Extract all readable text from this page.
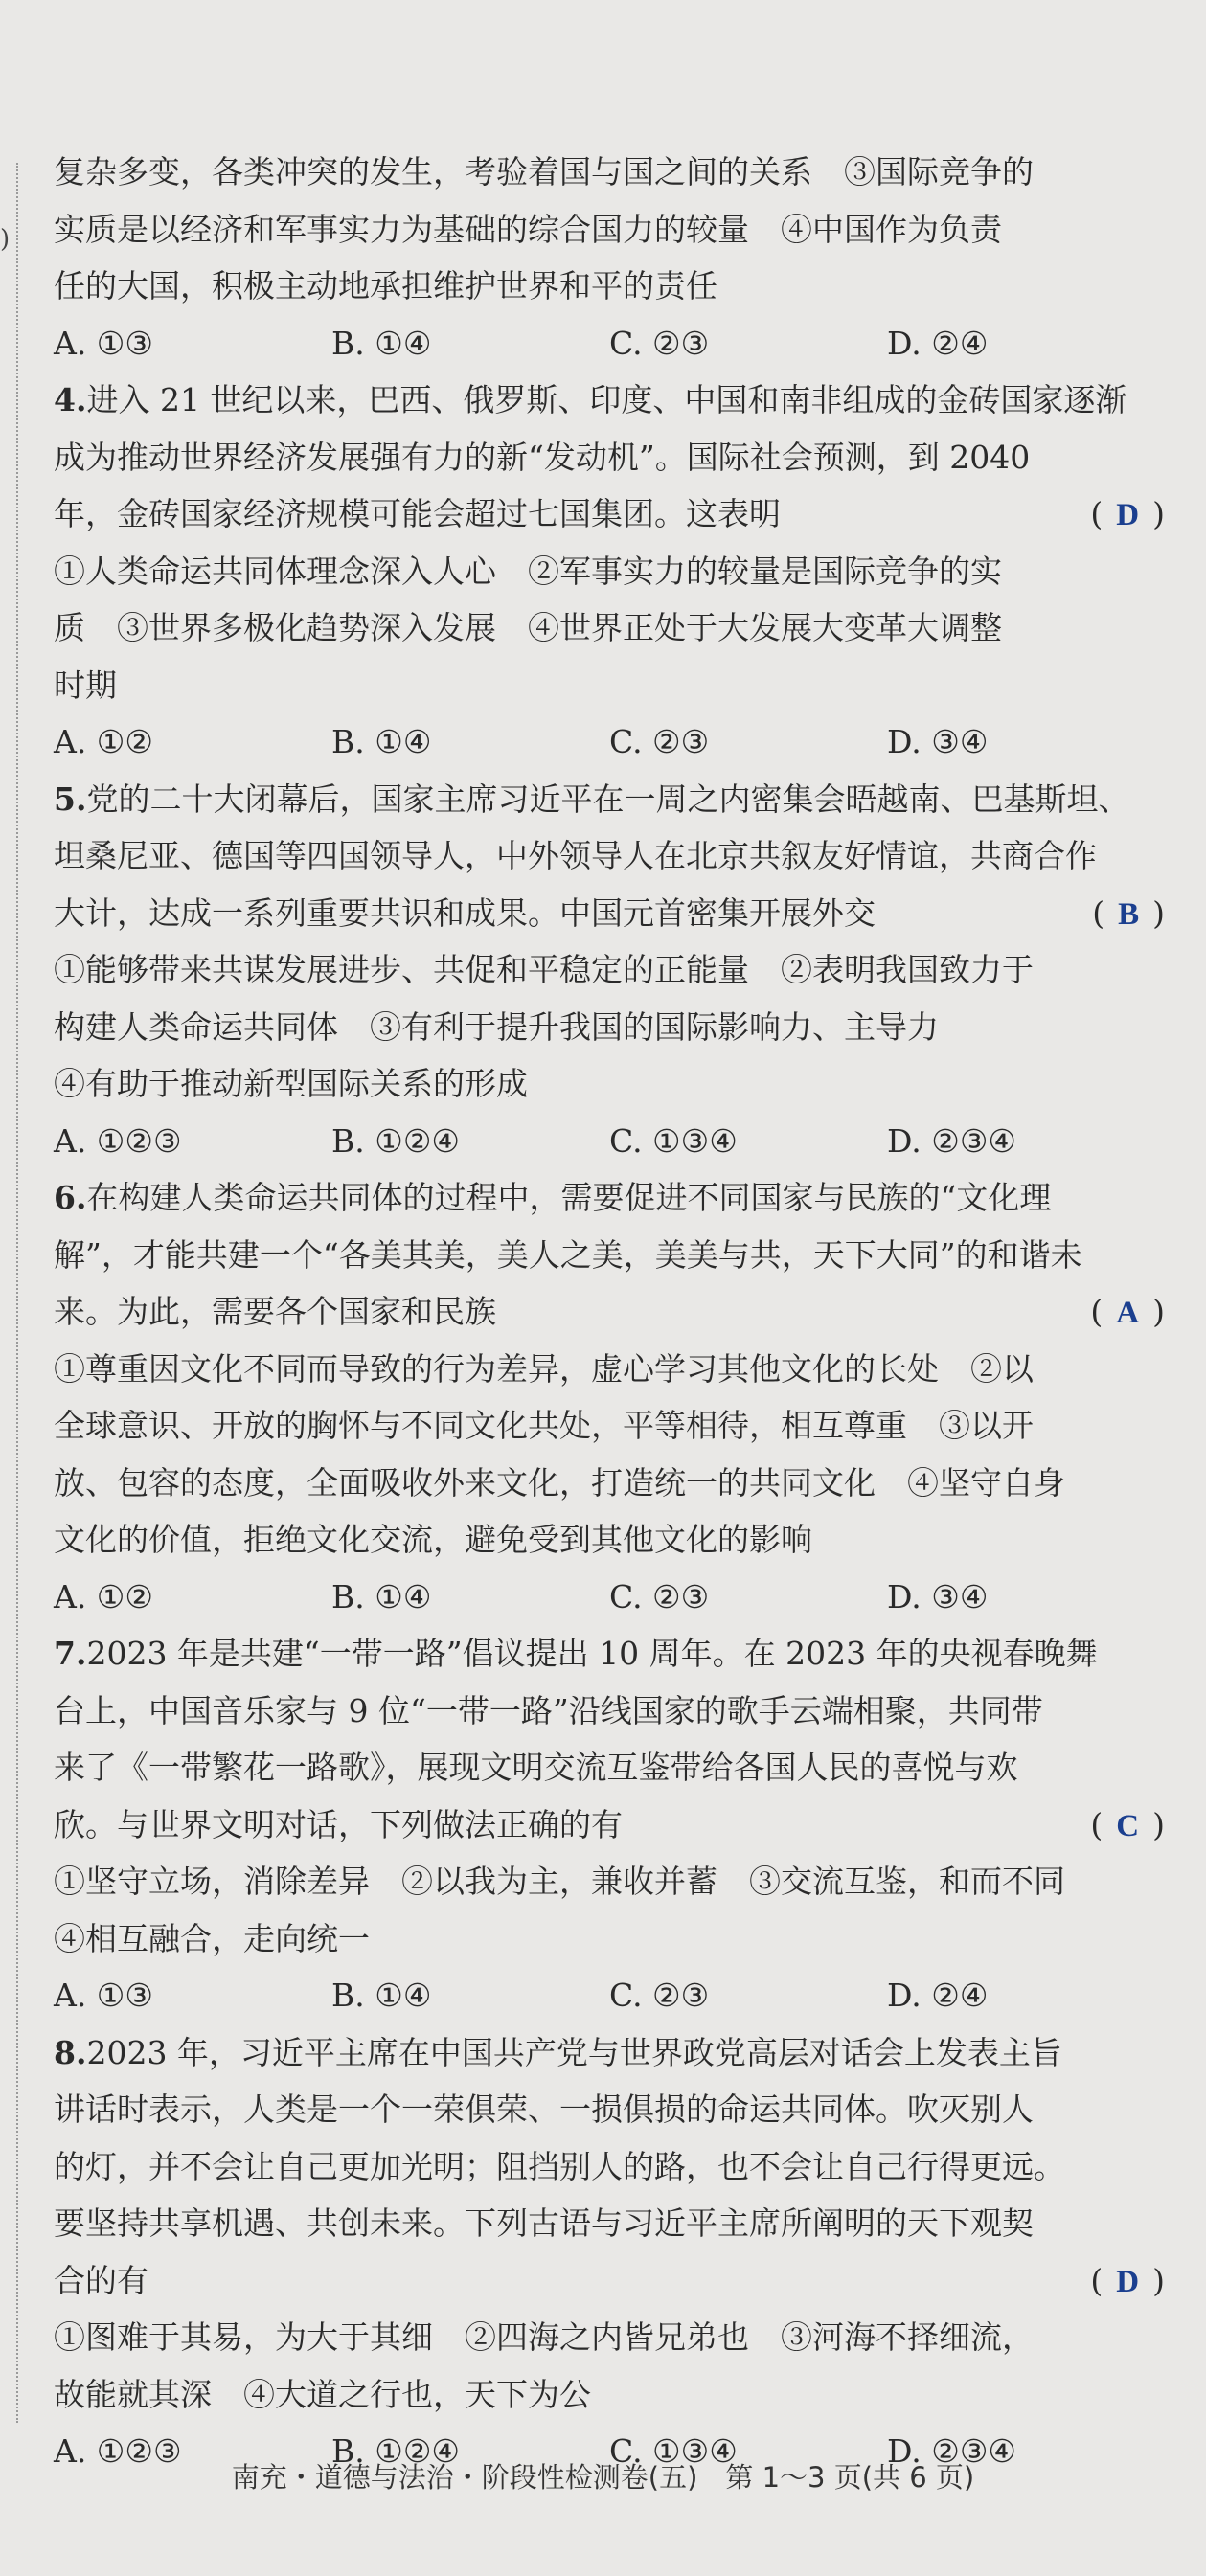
)
复杂多变，各类冲突的发生，考验着国与国之间的关系　③国际竞争的
实质是以经济和军事实力为基础的综合国力的较量　④中国作为负责
任的大国，积极主动地承担维护世界和平的责任
A. ①③	B. ①④	C. ②③	D. ②④
4.进入 21 世纪以来，巴西、俄罗斯、印度、中国和南非组成的金砖国家逐渐
成为推动世界经济发展强有力的新“发动机”。国际社会预测，到 2040
年，金砖国家经济规模可能会超过七国集团。这表明	( D )
①人类命运共同体理念深入人心　②军事实力的较量是国际竞争的实
质　③世界多极化趋势深入发展　④世界正处于大发展大变革大调整
时期
A. ①②	B. ①④	C. ②③	D. ③④
5.党的二十大闭幕后，国家主席习近平在一周之内密集会晤越南、巴基斯坦、
坦桑尼亚、德国等四国领导人，中外领导人在北京共叙友好情谊，共商合作
大计，达成一系列重要共识和成果。中国元首密集开展外交	( B )
①能够带来共谋发展进步、共促和平稳定的正能量　②表明我国致力于
构建人类命运共同体　③有利于提升我国的国际影响力、主导力
④有助于推动新型国际关系的形成
A. ①②③	B. ①②④	C. ①③④	D. ②③④
6.在构建人类命运共同体的过程中，需要促进不同国家与民族的“文化理
解”，才能共建一个“各美其美，美人之美，美美与共，天下大同”的和谐未
来。为此，需要各个国家和民族	( A )
①尊重因文化不同而导致的行为差异，虚心学习其他文化的长处　②以
全球意识、开放的胸怀与不同文化共处，平等相待，相互尊重　③以开
放、包容的态度，全面吸收外来文化，打造统一的共同文化　④坚守自身
文化的价值，拒绝文化交流，避免受到其他文化的影响
A. ①②	B. ①④	C. ②③	D. ③④
7.2023 年是共建“一带一路”倡议提出 10 周年。在 2023 年的央视春晚舞
台上，中国音乐家与 9 位“一带一路”沿线国家的歌手云端相聚，共同带
来了《一带繁花一路歌》，展现文明交流互鉴带给各国人民的喜悦与欢
欣。与世界文明对话，下列做法正确的有	( C )
①坚守立场，消除差异　②以我为主，兼收并蓄　③交流互鉴，和而不同
④相互融合，走向统一
A. ①③	B. ①④	C. ②③	D. ②④
8.2023 年，习近平主席在中国共产党与世界政党高层对话会上发表主旨
讲话时表示，人类是一个一荣俱荣、一损俱损的命运共同体。吹灭别人
的灯，并不会让自己更加光明；阻挡别人的路，也不会让自己行得更远。
要坚持共享机遇、共创未来。下列古语与习近平主席所阐明的天下观契
合的有	( D )
①图难于其易，为大于其细　②四海之内皆兄弟也　③河海不择细流，
故能就其深　④大道之行也，天下为公
A. ①②③	B. ①②④	C. ①③④	D. ②③④
南充・道德与法治・阶段性检测卷(五)　第 1～3 页(共 6 页)
